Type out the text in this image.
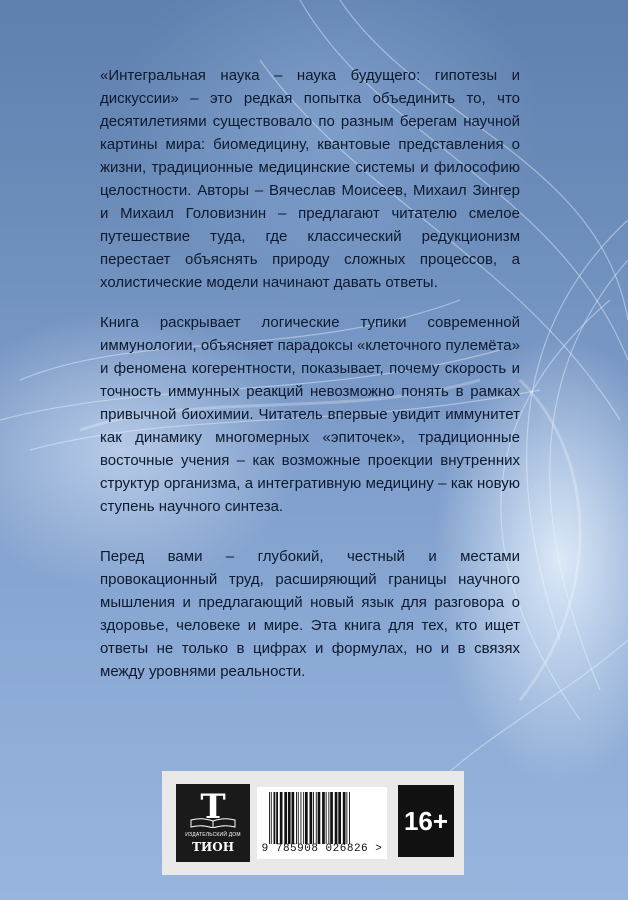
«Интегральная наука – наука будущего: гипотезы и дискуссии» – это редкая попытка объединить то, что десятилетиями существовало по разным берегам научной картины мира: биомедицину, квантовые представления о жизни, традиционные медицинские системы и философию целостности. Авторы – Вячеслав Моисеев, Михаил Зингер и Михаил Головизнин – предлагают читателю смелое путешествие туда, где классический редукционизм перестает объяснять природу сложных процессов, а холистические модели начинают давать ответы.

Книга раскрывает логические тупики современной иммунологии, объясняет парадоксы «клеточного пулемёта» и феномена когерентности, показывает, почему скорость и точность иммунных реакций невозможно понять в рамках привычной биохимии. Читатель впервые увидит иммунитет как динамику многомерных «эпиточек», традиционные восточные учения – как возможные проекции внутренних структур организма, а интегративную медицину – как новую ступень научного синтеза.

Перед вами – глубокий, честный и местами провокационный труд, расширяющий границы научного мышления и предлагающий новый язык для разговора о здоровье, человеке и мире. Эта книга для тех, кто ищет ответы не только в цифрах и формулах, но и в связях между уровнями реальности.

T
ИЗДАТЕЛЬСКИЙ ДОМ
ТИОН	9 785908 026826 >
16+
